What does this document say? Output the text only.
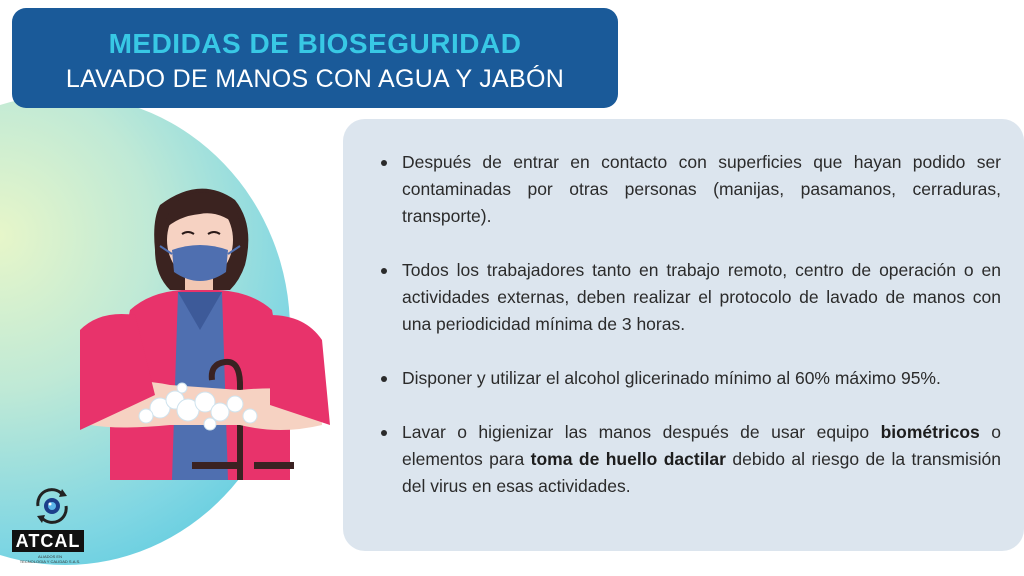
MEDIDAS DE BIOSEGURIDAD
LAVADO DE MANOS CON AGUA Y JABÓN
Después de entrar en contacto con superficies que hayan podido ser contaminadas por otras personas (manijas, pasamanos, cerraduras, transporte).
Todos los trabajadores tanto en trabajo remoto, centro de operación o en actividades externas, deben realizar el protocolo de lavado de manos con una periodicidad mínima de 3 horas.
Disponer y utilizar el alcohol glicerinado mínimo al 60% máximo 95%.
Lavar o higienizar las manos después de usar equipo biométricos o elementos para toma de huello dactilar debido al riesgo de la transmisión del virus en esas actividades.
ATCAL
ALIADOS EN
TECNOLOGIA Y CALIDAD S.A.S.
